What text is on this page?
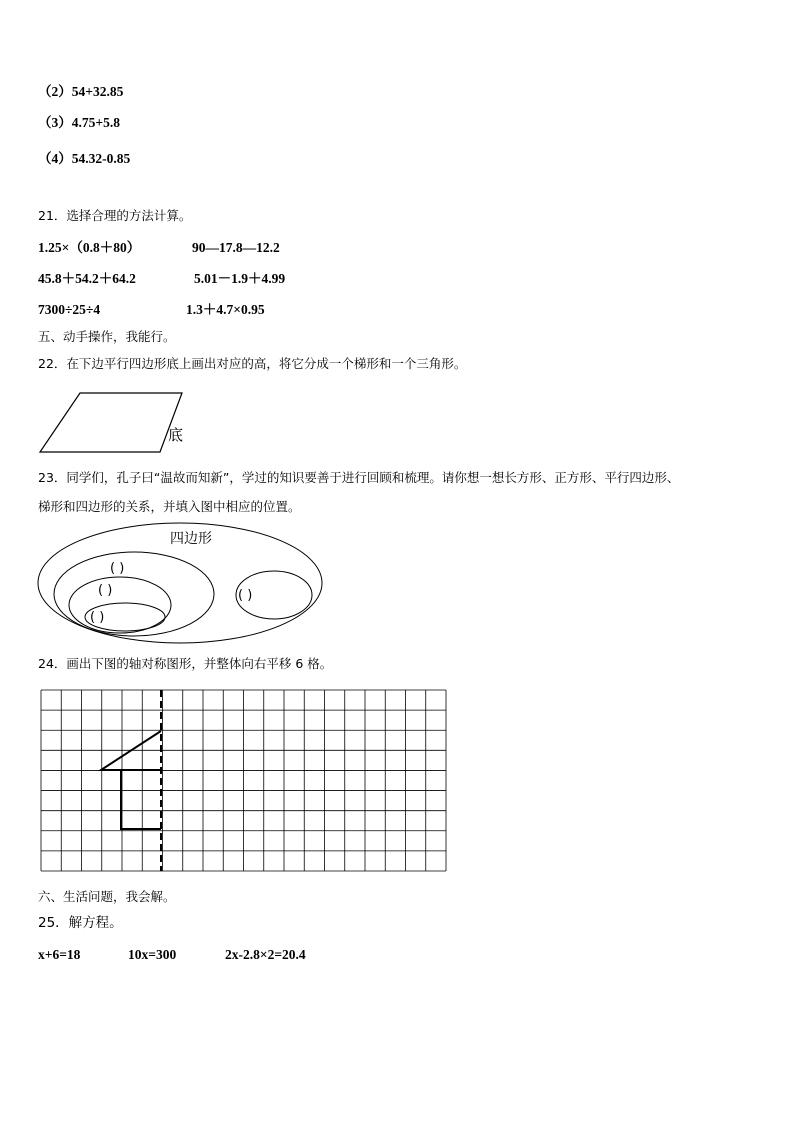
（2）54+32.85
（3）4.75+5.8
（4）54.32-0.85
21．选择合理的方法计算。
1.25×（0.8＋80）	90—17.8—12.2
45.8＋54.2＋64.2	5.01－1.9＋4.99
7300÷25÷4	1.3＋4.7×0.95
五、动手操作，我能行。
22．在下边平行四边形底上画出对应的高，将它分成一个梯形和一个三角形。
底
23．同学们，孔子曰“温故而知新”，学过的知识要善于进行回顾和梳理。请你想一想长方形、正方形、平行四边形、
梯形和四边形的关系，并填入图中相应的位置。
四边形
( )
( )
( )
( )
24．画出下图的轴对称图形，并整体向右平移 6 格。
六、生活问题，我会解。
25．解方程。
x+6=18	10x=300	2x-2.8×2=20.4
